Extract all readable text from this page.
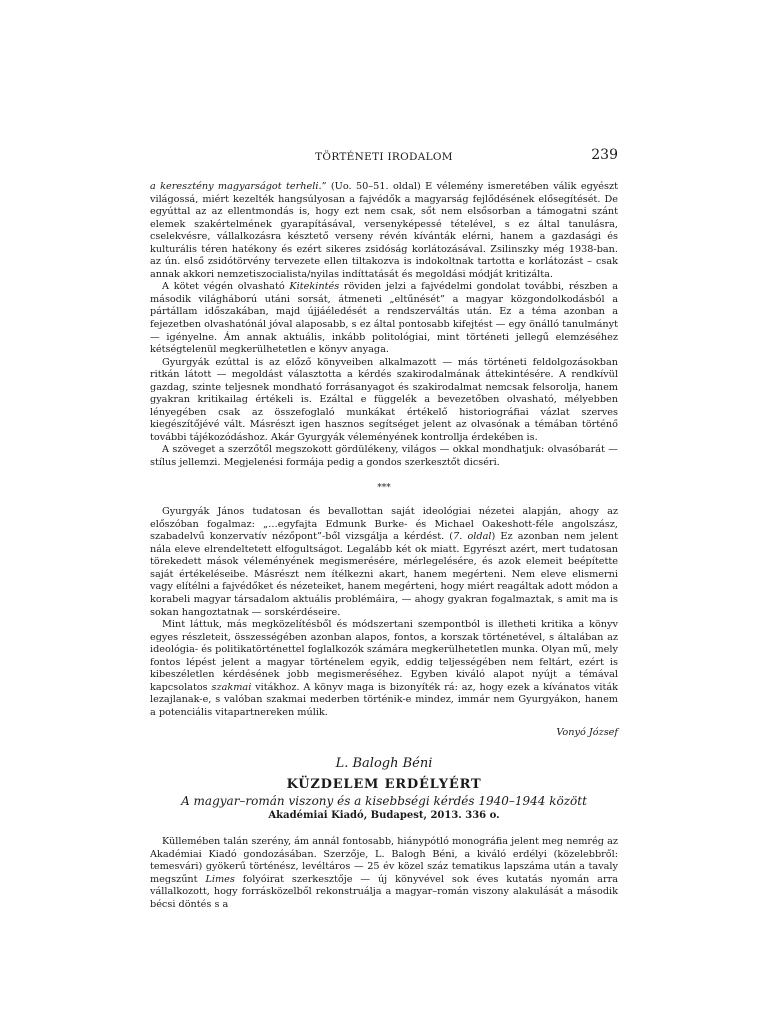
TÖRTÉNETI IRODALOM	239

a keresztény magyarságot terheli.” (Uo. 50–51. oldal) E vélemény ismeretében válik egyészt világossá, miért kezelték hangsúlyosan a fajvédők a magyarság fejlődésének elősegítését. De egyúttal az az ellentmondás is, hogy ezt nem csak, sőt nem elsősorban a támogatni szánt elemek szakértelmének gyarapításával, versenyképessé tételével, s ez által tanulásra, cselekvésre, vállalkozásra késztető verseny révén kívánták elérni, hanem a gazdasági és kulturális téren hatékony és ezért sikeres zsidóság korlátozásával. Zsilinszky még 1938-ban. az ún. első zsidótörvény tervezete ellen tiltakozva is indokoltnak tartotta e korlátozást – csak annak akkori nemzetiszocialista/nyilas indíttatását és megoldási módját kritizálta.

A kötet végén olvasható Kitekintés röviden jelzi a fajvédelmi gondolat további, részben a második világháború utáni sorsát, átmeneti „eltűnését” a magyar közgondolkodásból a pártállam időszakában, majd újjáéledését a rendszerváltás után. Ez a téma azonban a fejezetben olvashatónál jóval alaposabb, s ez által pontosabb kifejtést — egy önálló tanulmányt — igényelne. Ám annak aktuális, inkább politológiai, mint történeti jellegű elemzéséhez kétségtelenül megkerülhetetlen e könyv anyaga.

Gyurgyák ezúttal is az előző könyveiben alkalmazott — más történeti feldolgozásokban ritkán látott — megoldást választotta a kérdés szakirodalmának áttekintésére. A rendkívül gazdag, szinte teljesnek mondható forrásanyagot és szakirodalmat nemcsak felsorolja, hanem gyakran kritikailag értékeli is. Ezáltal e függelék a bevezetőben olvasható, mélyebben lényegében csak az összefoglaló munkákat értékelő historiográfiai vázlat szerves kiegészítőjévé vált. Másrészt igen hasznos segítséget jelent az olvasónak a témában történő további tájékozódáshoz. Akár Gyurgyák véleményének kontrollja érdekében is.

A szöveget a szerzőtől megszokott gördülékeny, világos — okkal mondhatjuk: olvasóbarát — stílus jellemzi. Megjelenési formája pedig a gondos szerkesztőt dicséri.

***

Gyurgyák János tudatosan és bevallottan saját ideológiai nézetei alapján, ahogy az előszóban fogalmaz: „…egyfajta Edmunk Burke- és Michael Oakeshott-féle angolszász, szabadelvű konzervatív nézőpont”-ből vizsgálja a kérdést. (7. oldal) Ez azonban nem jelent nála eleve elrendeltetett elfogultságot. Legalább két ok miatt. Egyrészt azért, mert tudatosan törekedett mások véleményének megismerésére, mérlegelésére, és azok elemeit beépítette saját értékeléseibe. Másrészt nem ítélkezni akart, hanem megérteni. Nem eleve elismerni vagy elítélni a fajvédőket és nézeteiket, hanem megérteni, hogy miért reagáltak adott módon a korabeli magyar társadalom aktuális problémáira, — ahogy gyakran fogalmaztak, s amit ma is sokan hangoztatnak — sorskérdéseire.

Mint láttuk, más megközelítésből és módszertani szempontból is illetheti kritika a könyv egyes részleteit, összességében azonban alapos, fontos, a korszak történetével, s általában az ideológia- és politikatörténettel foglalkozók számára megkerülhetetlen munka. Olyan mű, mely fontos lépést jelent a magyar történelem egyik, eddig teljességében nem feltárt, ezért is kibeszéletlen kérdésének jobb megismeréséhez. Egyben kiváló alapot nyújt a témával kapcsolatos szakmai vitákhoz. A könyv maga is bizonyíték rá: az, hogy ezek a kívánatos viták lezajlanak-e, s valóban szakmai mederben történik-e mindez, immár nem Gyurgyákon, hanem a potenciális vitapartnereken múlik.

Vonyó József
L. Balogh Béni
KÜZDELEM ERDÉLYÉRT
A magyar–román viszony és a kisebbségi kérdés 1940–1944 között
Akadémiai Kiadó, Budapest, 2013. 336 o.

Küllemében talán szerény, ám annál fontosabb, hiánypótló monográfia jelent meg nemrég az Akadémiai Kiadó gondozásában. Szerzője, L. Balogh Béni, a kiváló erdélyi (közelebbről: temesvári) gyökerű történész, levéltáros — 25 év közel száz tematikus lapszáma után a tavaly megszűnt Limes folyóirat szerkesztője — új könyvével sok éves kutatás nyomán arra vállalkozott, hogy forrásközelből rekonstruálja a magyar–román viszony alakulását a második bécsi döntés s a
